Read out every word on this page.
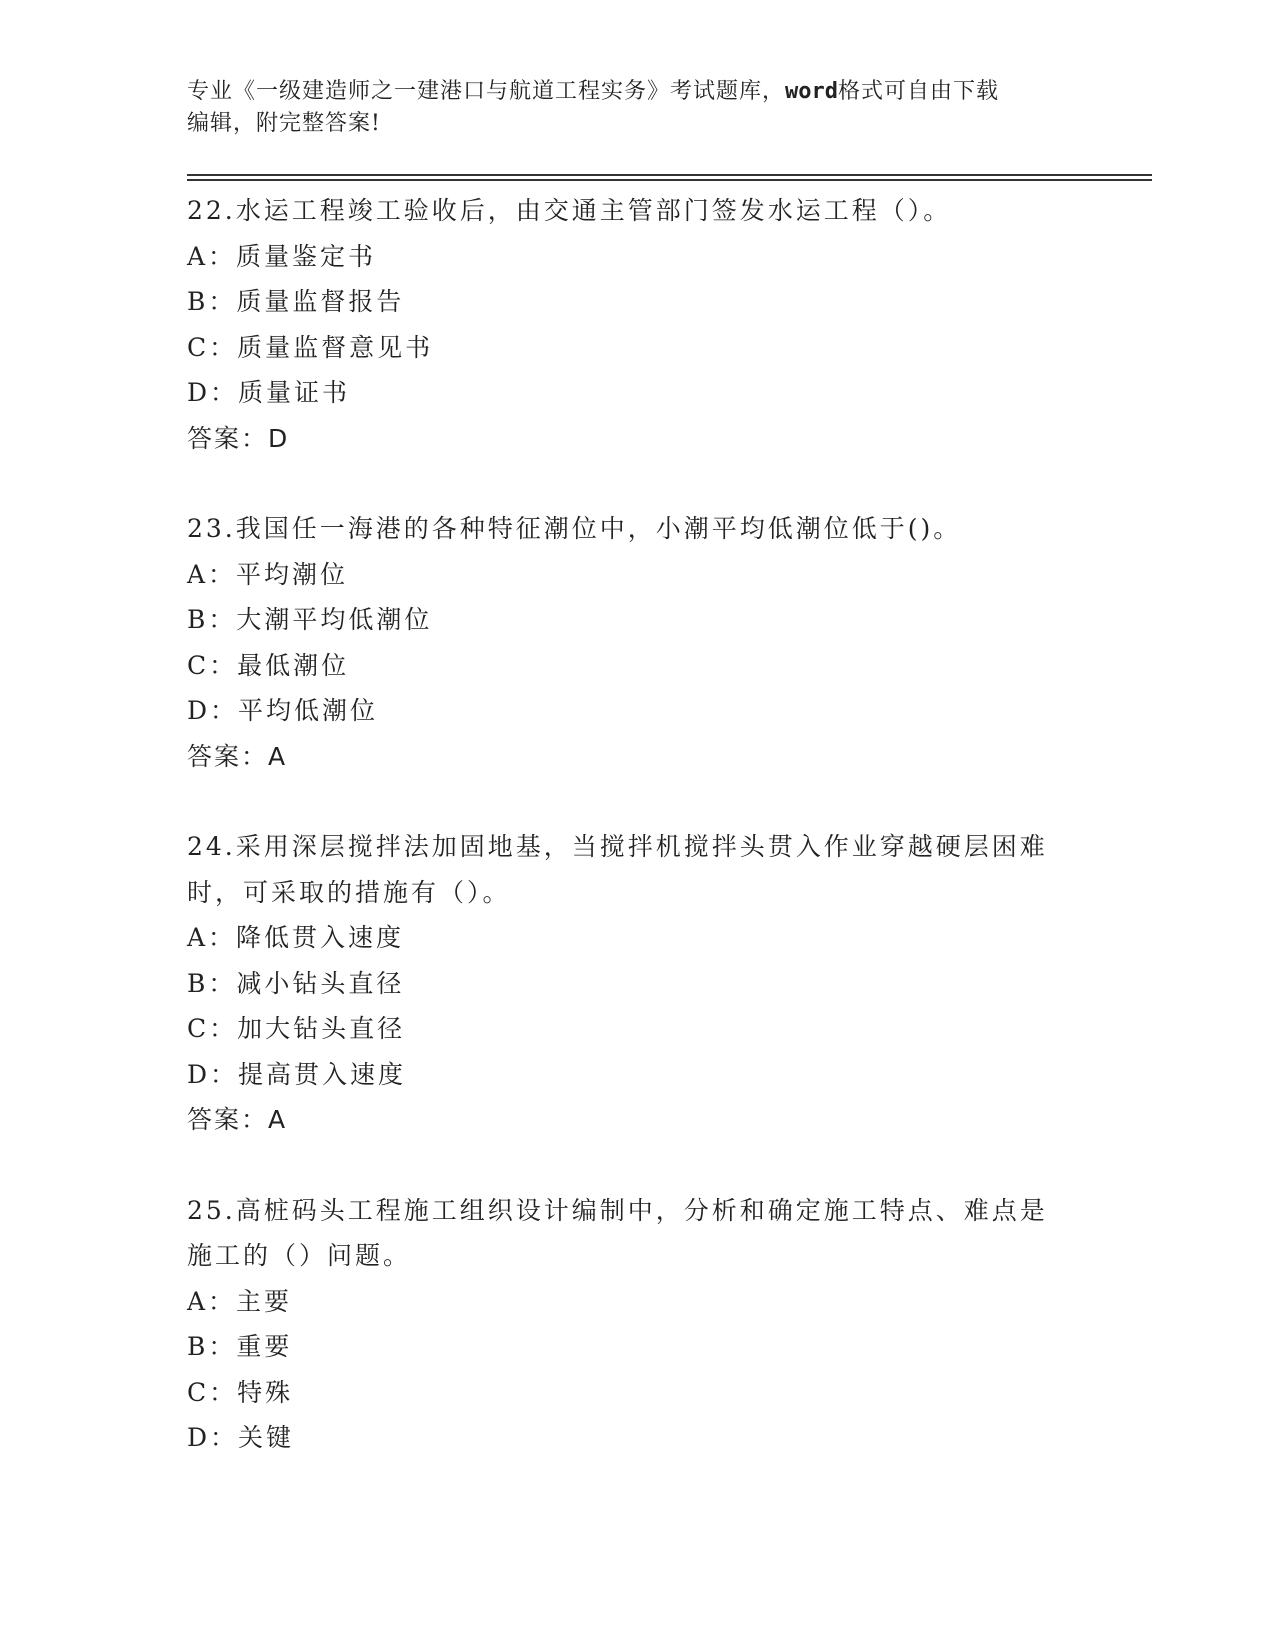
专业《一级建造师之一建港口与航道工程实务》考试题库，word格式可自由下载
编辑，附完整答案!
22.水运工程竣工验收后，由交通主管部门签发水运工程（）。
A：质量鉴定书
B：质量监督报告
C：质量监督意见书
D：质量证书
答案：D
23.我国任一海港的各种特征潮位中，小潮平均低潮位低于()。
A：平均潮位
B：大潮平均低潮位
C：最低潮位
D：平均低潮位
答案：A
24.采用深层搅拌法加固地基，当搅拌机搅拌头贯入作业穿越硬层困难
时，可采取的措施有（）。
A：降低贯入速度
B：减小钻头直径
C：加大钻头直径
D：提高贯入速度
答案：A
25.高桩码头工程施工组织设计编制中，分析和确定施工特点、难点是
施工的（）问题。
A：主要
B：重要
C：特殊
D：关键
